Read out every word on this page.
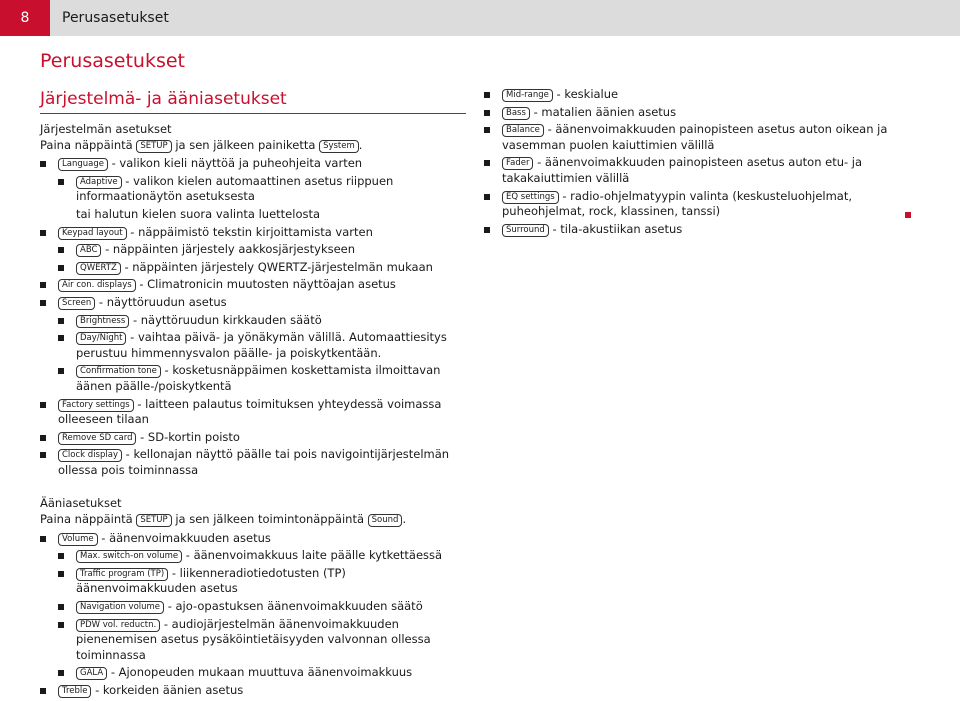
8	Perusasetukset
Perusasetukset
Järjestelmä- ja ääniasetukset
Järjestelmän asetukset
Paina näppäintä SETUP ja sen jälkeen painiketta System .
Language - valikon kieli näyttöä ja puheohjeita varten
Adaptive - valikon kielen automaattinen asetus riippuen informaationäytön asetuksesta
tai halutun kielen suora valinta luettelosta
Keypad layout - näppäimistö tekstin kirjoittamista varten
ABC - näppäinten järjestely aakkosjärjestykseen
QWERTZ - näppäinten järjestely QWERTZ-järjestelmän mukaan
Air con. displays - Climatronicin muutosten näyttöajan asetus
Screen - näyttöruudun asetus
Brightness - näyttöruudun kirkkauden säätö
Day/Night - vaihtaa päivä- ja yönäkymän välillä. Automaattiesitys perustuu himmennysvalon päälle- ja poiskytkentään.
Confirmation tone - kosketusnäppäimen koskettamista ilmoittavan äänen päälle-/poiskytkentä
Factory settings - laitteen palautus toimituksen yhteydessä voimassa olleeseen tilaan
Remove SD card - SD-kortin poisto
Clock display - kellonajan näyttö päälle tai pois navigointijärjestelmän ollessa pois toiminnassa
Ääniasetukset
Paina näppäintä SETUP ja sen jälkeen toimintonäppäintä Sound .
Volume - äänenvoimakkuuden asetus
Max. switch-on volume - äänenvoimakkuus laite päälle kytkettäessä
Traffic program (TP) - liikenneradiotiedotusten (TP) äänenvoimakkuuden asetus
Navigation volume - ajo-opastuksen äänenvoimakkuuden säätö
PDW vol. reductn. - audiojärjestelmän äänenvoimakkuuden pienenemisen asetus pysäköintietäisyyden valvonnan ollessa toiminnassa
GALA - Ajonopeuden mukaan muuttuva äänenvoimakkuus
Treble - korkeiden äänien asetus
Mid-range - keskialue
Bass - matalien äänien asetus
Balance - äänenvoimakkuuden painopisteen asetus auton oikean ja vasemman puolen kaiuttimien välillä
Fader - äänenvoimakkuuden painopisteen asetus auton etu- ja takakaiuttimien välillä
EQ settings - radio-ohjelmatyypin valinta (keskusteluohjelmat, puheohjelmat, rock, klassinen, tanssi)
Surround - tila-akustiikan asetus
